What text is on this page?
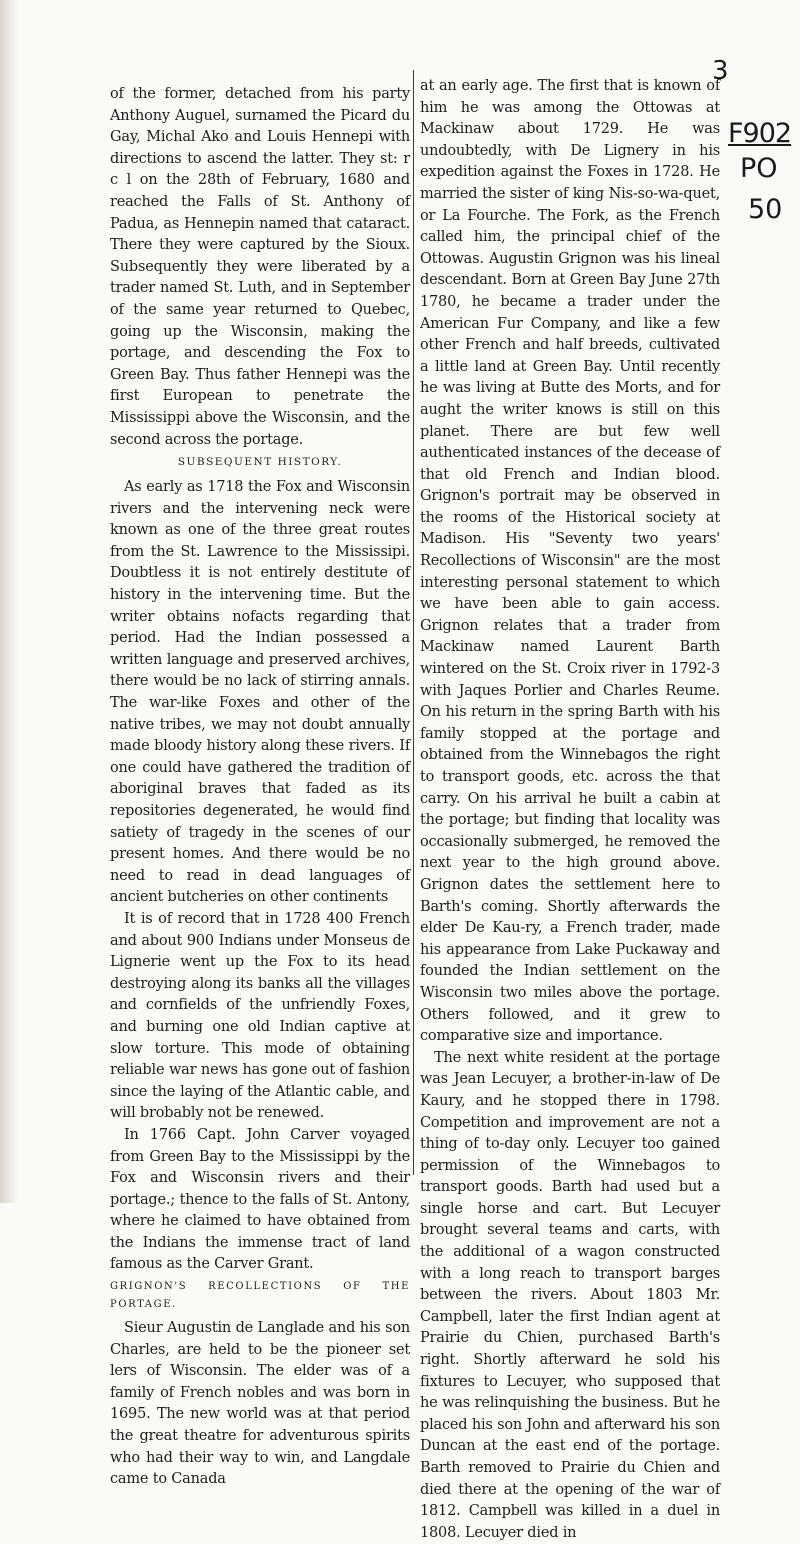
3
F902
PO
50

of the former, detached from his party Anthony Auguel, surnamed the Picard du Gay, Michal Ako and Louis Hennepi with directions to ascend the latter. They st: r c l on the 28th of February, 1680 and reached the Falls of St. Anthony of Padua, as Hennepin named that cataract. There they were captured by the Sioux. Subsequently they were liberated by a trader named St. Luth, and in September of the same year returned to Quebec, going up the Wisconsin, making the portage, and descending the Fox to Green Bay. Thus father Hennepi was the first European to penetrate the Mississippi above the Wisconsin, and the second across the portage.

SUBSEQUENT HISTORY.

As early as 1718 the Fox and Wisconsin rivers and the intervening neck were known as one of the three great routes from the St. Lawrence to the Mississipi. Doubtless it is not entirely destitute of history in the intervening time. But the writer obtains nofacts regarding that period. Had the Indian possessed a written language and preserved archives, there would be no lack of stirring annals. The war-like Foxes and other of the native tribes, we may not doubt annually made bloody history along these rivers. If one could have gathered the tradition of aboriginal braves that faded as its repositories degenerated, he would find satiety of tragedy in the scenes of our present homes. And there would be no need to read in dead languages of ancient butcheries on other continents

It is of record that in 1728 400 French and about 900 Indians under Monseus de Lignerie went up the Fox to its head destroying along its banks all the villages and cornfields of the unfriendly Foxes, and burning one old Indian captive at slow torture. This mode of obtaining reliable war news has gone out of fashion since the laying of the Atlantic cable, and will brobably not be renewed.

In 1766 Capt. John Carver voyaged from Green Bay to the Mississippi by the Fox and Wisconsin rivers and their portage.; thence to the falls of St. Antony, where he claimed to have obtained from the Indians the immense tract of land famous as the Carver Grant.

GRIGNON'S RECOLLECTIONS OF THE PORTAGE.

Sieur Augustin de Langlade and his son Charles, are held to be the pioneer set lers of Wisconsin. The elder was of a family of French nobles and was born in 1695. The new world was at that period the great theatre for adventurous spirits who had their way to win, and Langdale came to Canada

at an early age. The first that is known of him he was among the Ottowas at Mackinaw about 1729. He was undoubtedly, with De Lignery in his expedition against the Foxes in 1728. He married the sister of king Nis-so-wa-quet, or La Fourche. The Fork, as the French called him, the principal chief of the Ottowas. Augustin Grignon was his lineal descendant. Born at Green Bay June 27th 1780, he became a trader under the American Fur Company, and like a few other French and half breeds, cultivated a little land at Green Bay. Until recently he was living at Butte des Morts, and for aught the writer knows is still on this planet. There are but few well authenticated instances of the decease of that old French and Indian blood. Grignon's portrait may be observed in the rooms of the Historical society at Madison. His "Seventy two years' Recollections of Wisconsin" are the most interesting personal statement to which we have been able to gain access. Grignon relates that a trader from Mackinaw named Laurent Barth wintered on the St. Croix river in 1792-3 with Jaques Porlier and Charles Reume. On his return in the spring Barth with his family stopped at the portage and obtained from the Winnebagos the right to transport goods, etc. across the that carry. On his arrival he built a cabin at the portage; but finding that locality was occasionally submerged, he removed the next year to the high ground above. Grignon dates the settlement here to Barth's coming. Shortly afterwards the elder De Kau-ry, a French trader, made his appearance from Lake Puckaway and founded the Indian settlement on the Wisconsin two miles above the portage. Others followed, and it grew to comparative size and importance.

The next white resident at the portage was Jean Lecuyer, a brother-in-law of De Kaury, and he stopped there in 1798. Competition and improvement are not a thing of to-day only. Lecuyer too gained permission of the Winnebagos to transport goods. Barth had used but a single horse and cart. But Lecuyer brought several teams and carts, with the additional of a wagon constructed with a long reach to transport barges between the rivers. About 1803 Mr. Campbell, later the first Indian agent at Prairie du Chien, purchased Barth's right. Shortly afterward he sold his fixtures to Lecuyer, who supposed that he was relinquishing the business. But he placed his son John and afterward his son Duncan at the east end of the portage. Barth removed to Prairie du Chien and died there at the opening of the war of 1812. Campbell was killed in a duel in 1808. Lecuyer died in
